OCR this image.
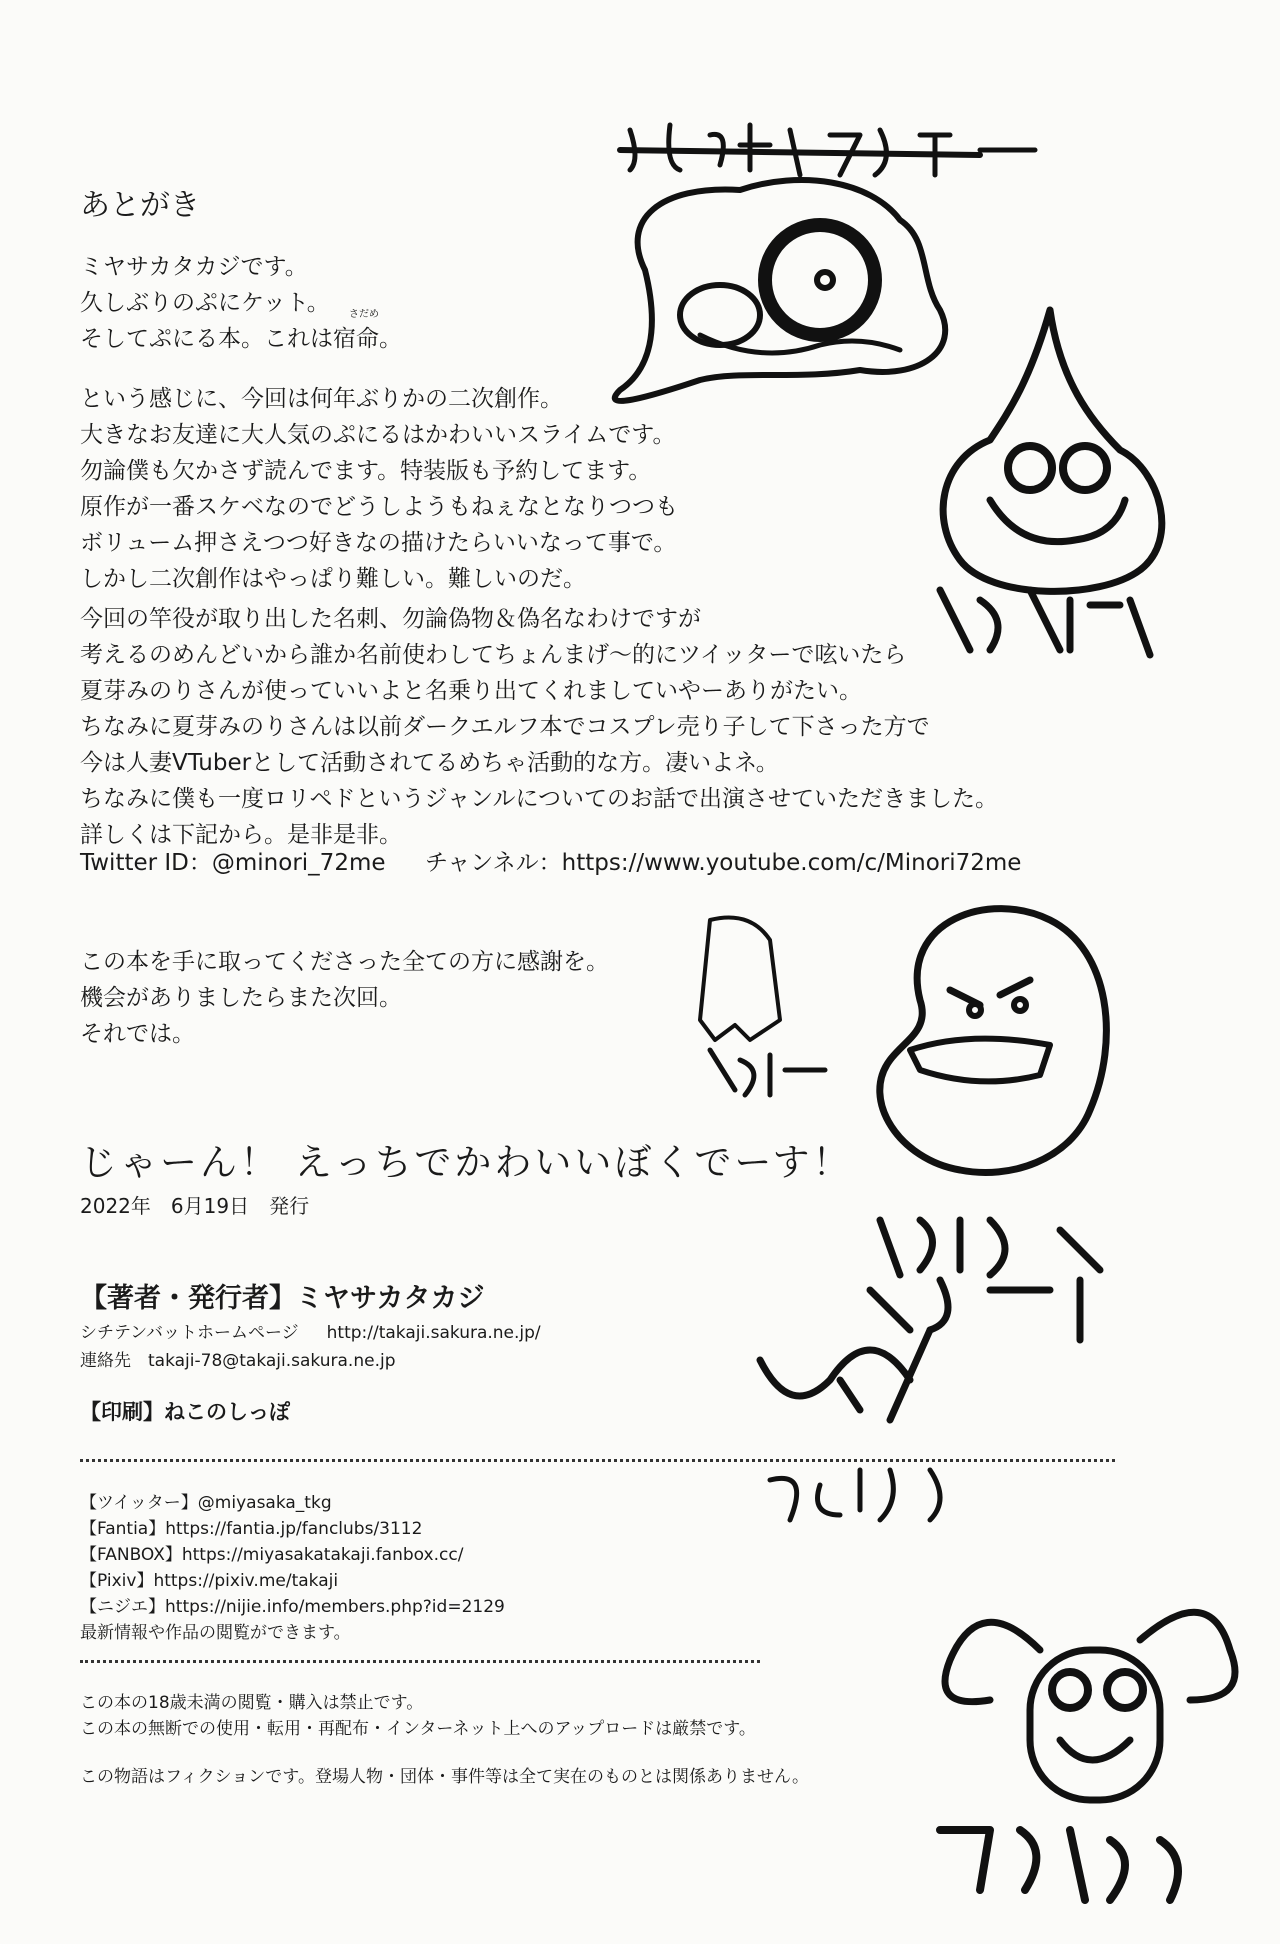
あとがき
ミヤサカタカジです。
久しぶりのぷにケット。
そしてぷにる本。これは宿命。
さだめ
という感じに、今回は何年ぶりかの二次創作。
大きなお友達に大人気のぷにるはかわいいスライムです。
勿論僕も欠かさず読んでます。特装版も予約してます。
原作が一番スケベなのでどうしようもねぇなとなりつつも
ボリューム押さえつつ好きなの描けたらいいなって事で。
しかし二次創作はやっぱり難しい。難しいのだ。
今回の竿役が取り出した名刺、勿論偽物＆偽名なわけですが
考えるのめんどいから誰か名前使わしてちょんまげ〜的にツイッターで呟いたら
夏芽みのりさんが使っていいよと名乗り出てくれましていやーありがたい。
ちなみに夏芽みのりさんは以前ダークエルフ本でコスプレ売り子して下さった方で
今は人妻VTuberとして活動されてるめちゃ活動的な方。凄いよネ。
ちなみに僕も一度ロリペドというジャンルについてのお話で出演させていただきました。
詳しくは下記から。是非是非。
Twitter ID：@minori_72me チャンネル：https://www.youtube.com/c/Minori72me
この本を手に取ってくださった全ての方に感謝を。
機会がありましたらまた次回。
それでは。
じゃーん！ えっちでかわいいぼくでーす！
2022年　6月19日　発行
【著者・発行者】ミヤサカタカジ
シチテンバットホームページ http://takaji.sakura.ne.jp/
連絡先　takaji-78@takaji.sakura.ne.jp
【印刷】ねこのしっぽ
【ツイッター】@miyasaka_tkg
【Fantia】https://fantia.jp/fanclubs/3112
【FANBOX】https://miyasakatakaji.fanbox.cc/
【Pixiv】https://pixiv.me/takaji
【ニジエ】https://nijie.info/members.php?id=2129
最新情報や作品の閲覧ができます。
この本の18歳未満の閲覧・購入は禁止です。
この本の無断での使用・転用・再配布・インターネット上へのアップロードは厳禁です。
この物語はフィクションです。登場人物・団体・事件等は全て実在のものとは関係ありません。
